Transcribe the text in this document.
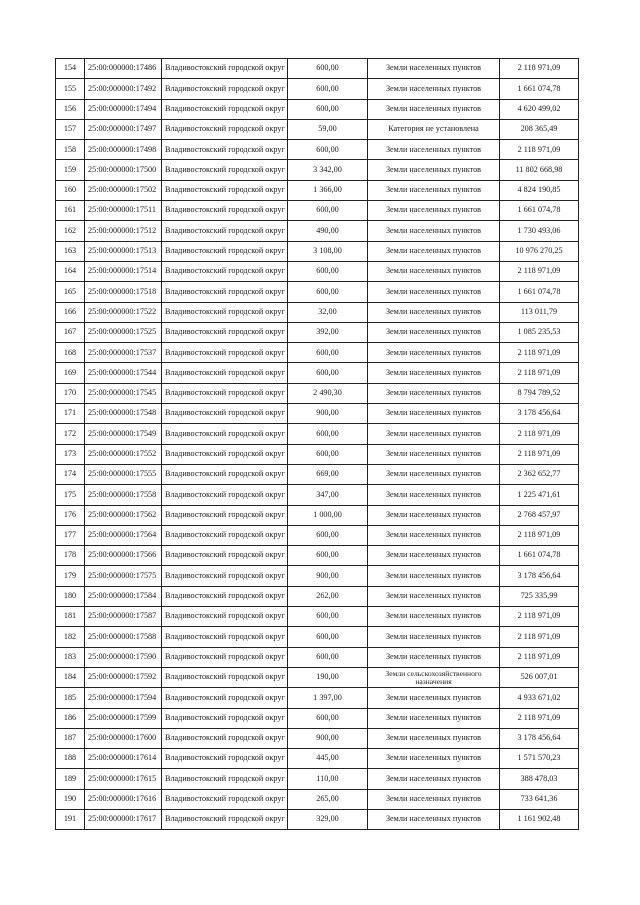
154	25:00:000000:17486	Владивостокский городской округ	600,00	Земли населенных пунктов	2 118 971,09
155	25:00:000000:17492	Владивостокский городской округ	600,00	Земли населенных пунктов	1 661 074,78
156	25:00:000000:17494	Владивостокский городской округ	600,00	Земли населенных пунктов	4 620 499,02
157	25:00:000000:17497	Владивостокский городской округ	59,00	Категория не установлена	208 365,49
158	25:00:000000:17498	Владивостокский городской округ	600,00	Земли населенных пунктов	2 118 971,09
159	25:00:000000:17500	Владивостокский городской округ	3 342,00	Земли населенных пунктов	11 802 668,98
160	25:00:000000:17502	Владивостокский городской округ	1 366,00	Земли населенных пунктов	4 824 190,85
161	25:00:000000:17511	Владивостокский городской округ	600,00	Земли населенных пунктов	1 661 074,78
162	25:00:000000:17512	Владивостокский городской округ	490,00	Земли населенных пунктов	1 730 493,06
163	25:00:000000:17513	Владивостокский городской округ	3 108,00	Земли населенных пунктов	10 976 270,25
164	25:00:000000:17514	Владивостокский городской округ	600,00	Земли населенных пунктов	2 118 971,09
165	25:00:000000:17518	Владивостокский городской округ	600,00	Земли населенных пунктов	1 661 074,78
166	25:00:000000:17522	Владивостокский городской округ	32,00	Земли населенных пунктов	113 011,79
167	25:00:000000:17525	Владивостокский городской округ	392,00	Земли населенных пунктов	1 085 235,53
168	25:00:000000:17537	Владивостокский городской округ	600,00	Земли населенных пунктов	2 118 971,09
169	25:00:000000:17544	Владивостокский городской округ	600,00	Земли населенных пунктов	2 118 971,09
170	25:00:000000:17545	Владивостокский городской округ	2 490,30	Земли населенных пунктов	8 794 789,52
171	25:00:000000:17548	Владивостокский городской округ	900,00	Земли населенных пунктов	3 178 456,64
172	25:00:000000:17549	Владивостокский городской округ	600,00	Земли населенных пунктов	2 118 971,09
173	25:00:000000:17552	Владивостокский городской округ	600,00	Земли населенных пунктов	2 118 971,09
174	25:00:000000:17555	Владивостокский городской округ	669,00	Земли населенных пунктов	2 362 652,77
175	25:00:000000:17558	Владивостокский городской округ	347,00	Земли населенных пунктов	1 225 471,61
176	25:00:000000:17562	Владивостокский городской округ	1 000,00	Земли населенных пунктов	2 768 457,97
177	25:00:000000:17564	Владивостокский городской округ	600,00	Земли населенных пунктов	2 118 971,09
178	25:00:000000:17566	Владивостокский городской округ	600,00	Земли населенных пунктов	1 661 074,78
179	25:00:000000:17575	Владивостокский городской округ	900,00	Земли населенных пунктов	3 178 456,64
180	25:00:000000:17584	Владивостокский городской округ	262,00	Земли населенных пунктов	725 335,99
181	25:00:000000:17587	Владивостокский городской округ	600,00	Земли населенных пунктов	2 118 971,09
182	25:00:000000:17588	Владивостокский городской округ	600,00	Земли населенных пунктов	2 118 971,09
183	25:00:000000:17590	Владивостокский городской округ	600,00	Земли населенных пунктов	2 118 971,09
184	25:00:000000:17592	Владивостокский городской округ	190,00	Земли сельскохозяйственного назначения	526 007,01
185	25:00:000000:17594	Владивостокский городской округ	1 397,00	Земли населенных пунктов	4 933 671,02
186	25:00:000000:17599	Владивостокский городской округ	600,00	Земли населенных пунктов	2 118 971,09
187	25:00:000000:17600	Владивостокский городской округ	900,00	Земли населенных пунктов	3 178 456,64
188	25:00:000000:17614	Владивостокский городской округ	445,00	Земли населенных пунктов	1 571 570,23
189	25:00:000000:17615	Владивостокский городской округ	110,00	Земли населенных пунктов	388 478,03
190	25:00:000000:17616	Владивостокский городской округ	265,00	Земли населенных пунктов	733 641,36
191	25:00:000000:17617	Владивостокский городской округ	329,00	Земли населенных пунктов	1 161 902,48
